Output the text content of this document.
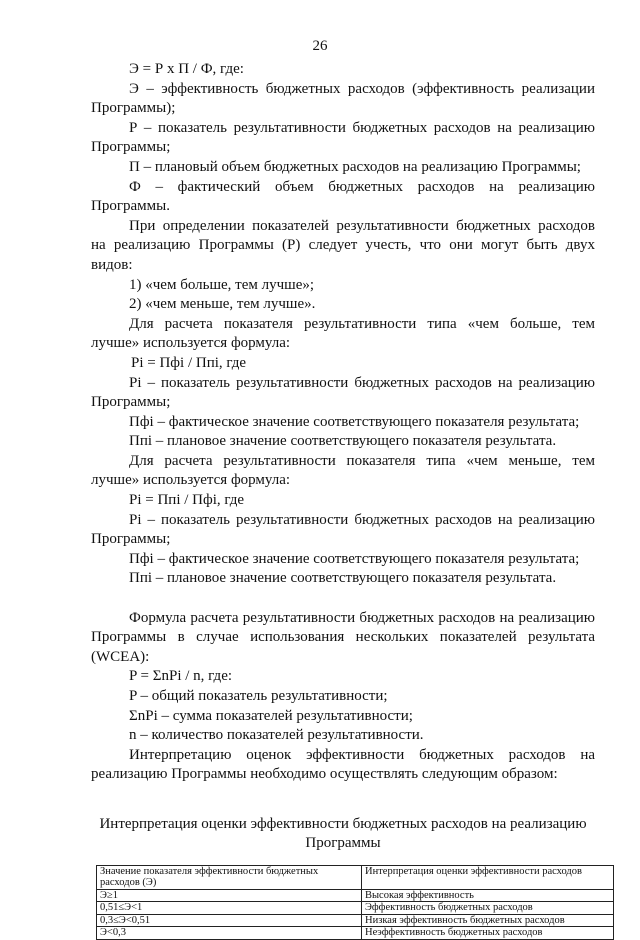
26

Э = Р х П / Ф, где:

Э – эффективность бюджетных расходов (эффективность реализации Программы);

Р – показатель результативности бюджетных расходов на реализацию Программы;

П – плановый объем бюджетных расходов на реализацию Программы;

Ф – фактический объем бюджетных расходов на реализацию Программы.

При определении показателей результативности бюджетных расходов на реализацию Программы (Р) следует учесть, что они могут быть двух видов:

1) «чем больше, тем лучше»;

2) «чем меньше, тем лучше».

Для расчета показателя результативности типа «чем больше, тем лучше» используется формула:

Pi = Пфi / Ппi, где

Pi – показатель результативности бюджетных расходов на реализацию Программы;

Пфi – фактическое значение соответствующего показателя результата;

Ппi – плановое значение соответствующего показателя результата.

Для расчета результативности показателя типа «чем меньше, тем лучше» используется формула:

Pi = Ппi / Пфi, где

Pi – показатель результативности бюджетных расходов на реализацию Программы;

Пфi – фактическое значение соответствующего показателя результата;

Ппi – плановое значение соответствующего показателя результата.

Формула расчета результативности бюджетных расходов на реализацию Программы в случае использования нескольких показателей результата (WCEA):

P = ΣnPi / n, где:

P – общий показатель результативности;

ΣnPi – сумма показателей результативности;

n – количество показателей результативности.

Интерпретацию оценок эффективности бюджетных расходов на реализацию Программы необходимо осуществлять следующим образом:

Интерпретация оценки эффективности бюджетных расходов на реализацию Программы

Значение показателя эффективности бюджетных расходов (Э)	Интерпретация оценки эффективности расходов
Э≥1	Высокая эффективность
0,51≤Э<1	Эффективность бюджетных расходов
0,3≤Э<0,51	Низкая эффективность бюджетных расходов
Э<0,3	Неэффективность бюджетных расходов
